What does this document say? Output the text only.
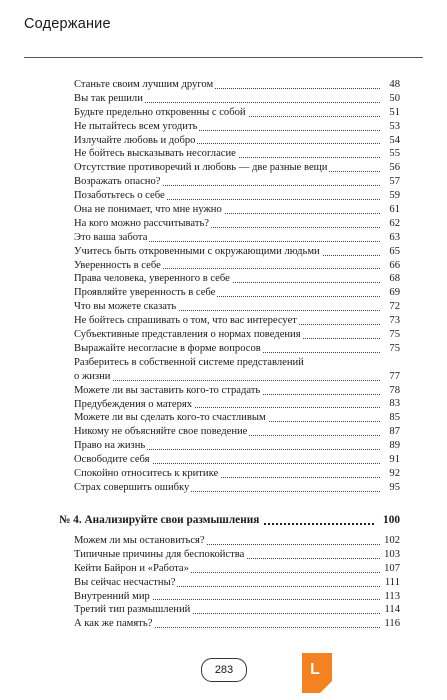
Содержание
Станьте своим лучшим другом	48
Вы так решили	50
Будьте предельно откровенны с собой	51
Не пытайтесь всем угодить	53
Излучайте любовь и добро	54
Не бойтесь высказывать несогласие	55
Отсутствие противоречий и любовь — две разные вещи	56
Возражать опасно?	57
Позаботьтесь о себе	59
Она не понимает, что мне нужно	61
На кого можно рассчитывать?	62
Это ваша забота	63
Учитесь быть откровенными с окружающими людьми	65
Уверенность в себе	66
Права человека, уверенного в себе	68
Проявляйте уверенность в себе	69
Что вы можете сказать	72
Не бойтесь спрашивать о том, что вас интересует	73
Субъективные представления о нормах поведения	75
Выражайте несогласие в форме вопросов	75
Разберитесь в собственной системе представлений
о жизни	77
Можете ли вы заставить кого-то страдать	78
Предубеждения о матерях	83
Можете ли вы сделать кого-то счастливым	85
Никому не объясняйте свое поведение	87
Право на жизнь	89
Освободите себя	91
Спокойно относитесь к критике	92
Страх совершить ошибку	95
№ 4. Анализируйте свои размышления	100
Можем ли мы остановиться?	102
Типичные причины для беспокойства	103
Кейти Байрон и «Работа»	107
Вы сейчас несчастны?	111
Внутренний мир	113
Третий тип размышлений	114
А как же память?	116
283	L
